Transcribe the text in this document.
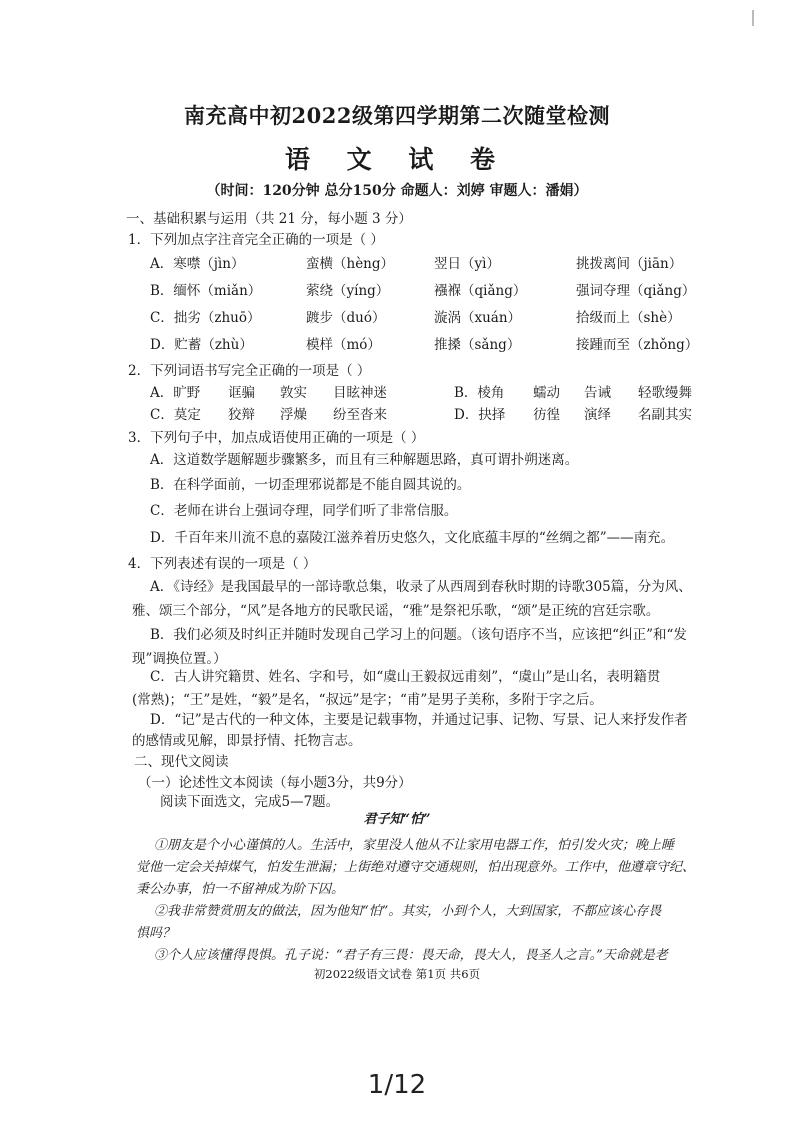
南充高中初2022级第四学期第二次随堂检测
语 文 试 卷
（时间：120分钟 总分150分 命题人：刘婷 审题人：潘娟）
一、基础积累与运用（共 21 分，每小题 3 分）
1．下列加点字注音完全正确的一项是（ ）
A．寒噤（jìn）	蛮横（hèng）	翌日（yì）	挑拨离间（jiān）
B．缅怀（miǎn）	萦绕（yíng）	襁褓（qiǎng）	强词夺理（qiǎng）
C．拙劣（zhuō）	踱步（duó）	漩涡（xuán）	拾级而上（shè）
D．贮蓄（zhù）	模样（mó）	推搡（sǎng）	接踵而至（zhǒng）
2．下列词语书写完全正确的一项是（ ）
A．旷野 诓骗 敦实 目眩神迷	B．棱角 蠕动 告诫 轻歌缦舞
C．莫定 狡辩 浮燥 纷至沓来	D．抉择 彷徨 演绎 名副其实
3．下列句子中，加点成语使用正确的一项是（ ）
A．这道数学题解题步骤繁多，而且有三种解题思路，真可谓扑朔迷离。
B．在科学面前，一切歪理邪说都是不能自圆其说的。
C．老师在讲台上强词夺理，同学们听了非常信服。
D．千百年来川流不息的嘉陵江滋养着历史悠久，文化底蕴丰厚的“丝绸之都”——南充。
4．下列表述有误的一项是（ ）
A．《诗经》是我国最早的一部诗歌总集，收录了从西周到春秋时期的诗歌305篇，分为风、
雅、颂三个部分，“风”是各地方的民歌民谣，“雅”是祭祀乐歌，“颂”是正统的宫廷宗歌。
B．我们必须及时纠正并随时发现自己学习上的问题。（该句语序不当，应该把“纠正”和“发
现”调换位置。）
C．古人讲究籍贯、姓名、字和号，如“虞山王毅叔远甫刻”，“虞山”是山名，表明籍贯
(常熟)；“王”是姓，“毅”是名，“叔远”是字；“甫”是男子美称，多附于字之后。
D．“记”是古代的一种文体，主要是记载事物，并通过记事、记物、写景、记人来抒发作者
的感情或见解，即景抒情、托物言志。
二、现代文阅读
（一）论述性文本阅读（每小题3分，共9分）
阅读下面选文，完成5—7题。
君子知“怕”
①朋友是个小心谨慎的人。生活中，家里没人他从不让家用电器工作，怕引发火灾；晚上睡
觉他一定会关掉煤气，怕发生泄漏；上街绝对遵守交通规则，怕出现意外。工作中，他遵章守纪、
秉公办事，怕一不留神成为阶下囚。
②我非常赞赏朋友的做法，因为他知“怕”。其实，小到个人，大到国家，不都应该心存畏
惧吗？
③个人应该懂得畏惧。孔子说：“君子有三畏：畏天命，畏大人，畏圣人之言。”天命就是老
初2022级语文试卷 第1页 共6页
1/12
